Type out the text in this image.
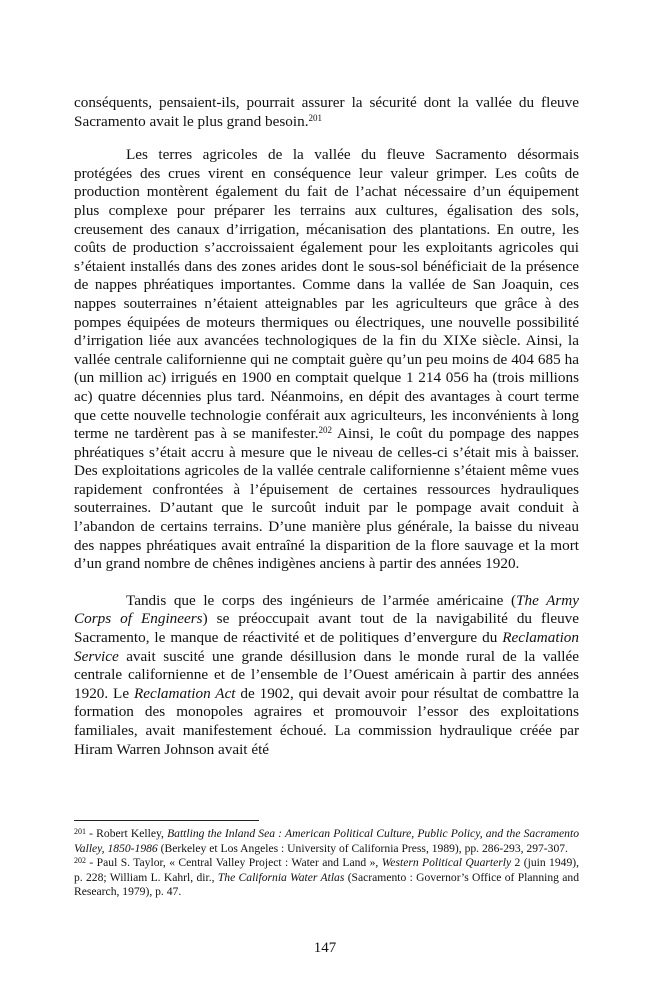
conséquents, pensaient-ils, pourrait assurer la sécurité dont la vallée du fleuve Sacramento avait le plus grand besoin.$^{201}$

Les terres agricoles de la vallée du fleuve Sacramento désormais protégées des crues virent en conséquence leur valeur grimper. Les coûts de production montèrent également du fait de l’achat nécessaire d’un équipement plus complexe pour préparer les terrains aux cultures, égalisation des sols, creusement des canaux d’irrigation, mécanisation des plantations. En outre, les coûts de production s’accroissaient également pour les exploitants agricoles qui s’étaient installés dans des zones arides dont le sous-sol bénéficiait de la présence de nappes phréatiques importantes. Comme dans la vallée de San Joaquin, ces nappes souterraines n’étaient atteignables par les agriculteurs que grâce à des pompes équipées de moteurs thermiques ou électriques, une nouvelle possibilité d’irrigation liée aux avancées technologiques de la fin du XIXe siècle. Ainsi, la vallée centrale californienne qui ne comptait guère qu’un peu moins de 404 685 ha (un million ac) irrigués en 1900 en comptait quelque 1 214 056 ha (trois millions ac) quatre décennies plus tard. Néanmoins, en dépit des avantages à court terme que cette nouvelle technologie conférait aux agriculteurs, les inconvénients à long terme ne tardèrent pas à se manifester.$^{202}$ Ainsi, le coût du pompage des nappes phréatiques s’était accru à mesure que le niveau de celles-ci s’était mis à baisser. Des exploitations agricoles de la vallée centrale californienne s’étaient même vues rapidement confrontées à l’épuisement de certaines ressources hydrauliques souterraines. D’autant que le surcoût induit par le pompage avait conduit à l’abandon de certains terrains. D’une manière plus générale, la baisse du niveau des nappes phréatiques avait entraîné la disparition de la flore sauvage et la mort d’un grand nombre de chênes indigènes anciens à partir des années 1920.

Tandis que le corps des ingénieurs de l’armée américaine (The Army Corps of Engineers) se préoccupait avant tout de la navigabilité du fleuve Sacramento, le manque de réactivité et de politiques d’envergure du Reclamation Service avait suscité une grande désillusion dans le monde rural de la vallée centrale californienne et de l’ensemble de l’Ouest américain à partir des années 1920. Le Reclamation Act de 1902, qui devait avoir pour résultat de combattre la formation des monopoles agraires et promouvoir l’essor des exploitations familiales, avait manifestement échoué. La commission hydraulique créée par Hiram Warren Johnson avait été

$^{201}$ - Robert Kelley, Battling the Inland Sea : American Political Culture, Public Policy, and the Sacramento Valley, 1850-1986 (Berkeley et Los Angeles : University of California Press, 1989), pp. 286-293, 297-307.

$^{202}$ - Paul S. Taylor, « Central Valley Project : Water and Land », Western Political Quarterly 2 (juin 1949), p. 228; William L. Kahrl, dir., The California Water Atlas (Sacramento : Governor’s Office of Planning and Research, 1979), p. 47.

147
